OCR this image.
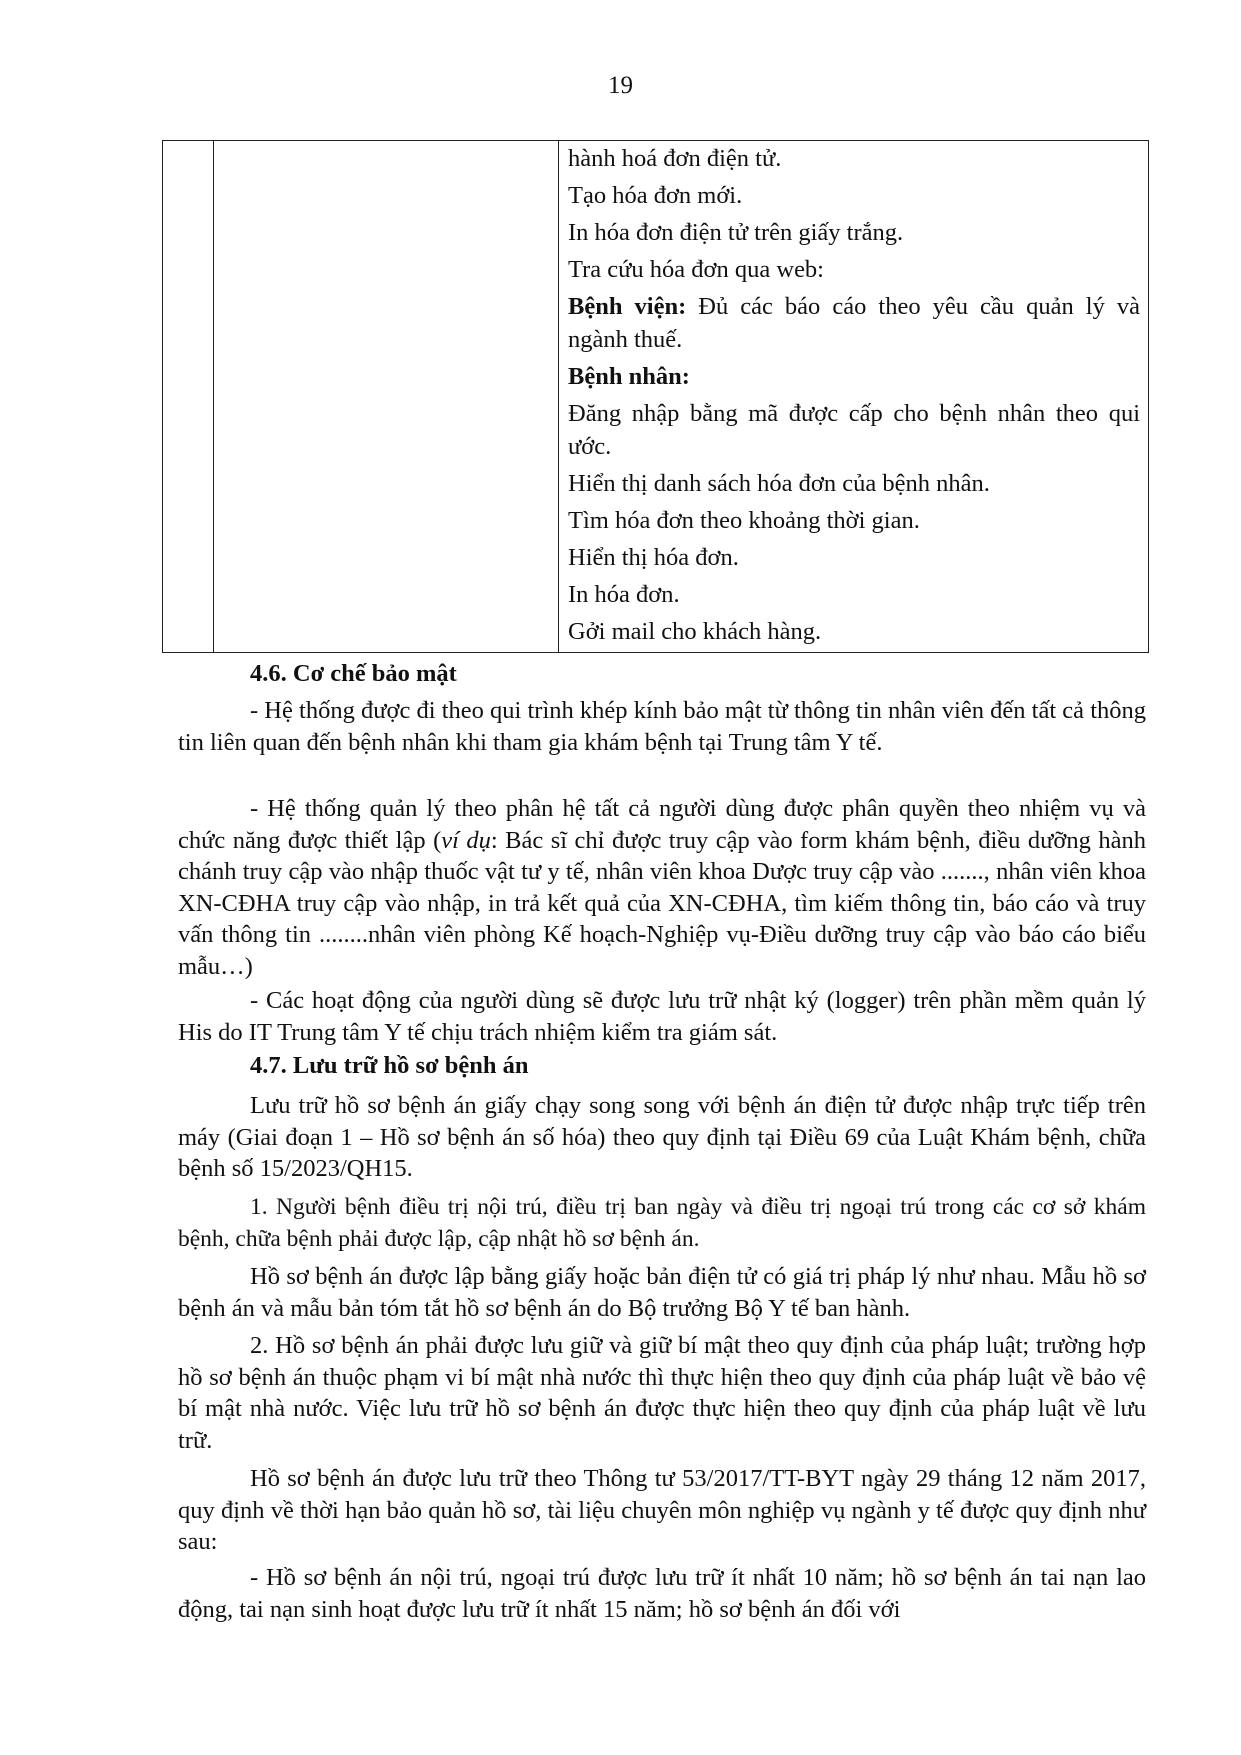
19

hành hoá đơn điện tử.

Tạo hóa đơn mới.

In hóa đơn điện tử trên giấy trắng.

Tra cứu hóa đơn qua web:

Bệnh viện: Đủ các báo cáo theo yêu cầu quản lý và ngành thuế.

Bệnh nhân:

Đăng nhập bằng mã được cấp cho bệnh nhân theo qui ước.

Hiển thị danh sách hóa đơn của bệnh nhân.

Tìm hóa đơn theo khoảng thời gian.

Hiển thị hóa đơn.

In hóa đơn.

Gởi mail cho khách hàng.

4.6. Cơ chế bảo mật

- Hệ thống được đi theo qui trình khép kính bảo mật từ thông tin nhân viên đến tất cả thông tin liên quan đến bệnh nhân khi tham gia khám bệnh tại Trung tâm Y tế.

- Hệ thống quản lý theo phân hệ tất cả người dùng được phân quyền theo nhiệm vụ và chức năng được thiết lập (ví dụ: Bác sĩ chỉ được truy cập vào form khám bệnh, điều dưỡng hành chánh truy cập vào nhập thuốc vật tư y tế, nhân viên khoa Dược truy cập vào ......., nhân viên khoa XN-CĐHA truy cập vào nhập, in trả kết quả của XN-CĐHA, tìm kiếm thông tin, báo cáo và truy vấn thông tin ........nhân viên phòng Kế hoạch-Nghiệp vụ-Điều dưỡng truy cập vào báo cáo biểu mẫu…)

- Các hoạt động của người dùng sẽ được lưu trữ nhật ký (logger) trên phần mềm quản lý His do IT Trung tâm Y tế chịu trách nhiệm kiểm tra giám sát.

4.7. Lưu trữ hồ sơ bệnh án

Lưu trữ hồ sơ bệnh án giấy chạy song song với bệnh án điện tử được nhập trực tiếp trên máy (Giai đoạn 1 – Hồ sơ bệnh án số hóa) theo quy định tại Điều 69 của Luật Khám bệnh, chữa bệnh số 15/2023/QH15.

1. Người bệnh điều trị nội trú, điều trị ban ngày và điều trị ngoại trú trong các cơ sở khám bệnh, chữa bệnh phải được lập, cập nhật hồ sơ bệnh án.

Hồ sơ bệnh án được lập bằng giấy hoặc bản điện tử có giá trị pháp lý như nhau. Mẫu hồ sơ bệnh án và mẫu bản tóm tắt hồ sơ bệnh án do Bộ trưởng Bộ Y tế ban hành.

2. Hồ sơ bệnh án phải được lưu giữ và giữ bí mật theo quy định của pháp luật; trường hợp hồ sơ bệnh án thuộc phạm vi bí mật nhà nước thì thực hiện theo quy định của pháp luật về bảo vệ bí mật nhà nước. Việc lưu trữ hồ sơ bệnh án được thực hiện theo quy định của pháp luật về lưu trữ.

Hồ sơ bệnh án được lưu trữ theo Thông tư 53/2017/TT-BYT ngày 29 tháng 12 năm 2017, quy định về thời hạn bảo quản hồ sơ, tài liệu chuyên môn nghiệp vụ ngành y tế được quy định như sau:

- Hồ sơ bệnh án nội trú, ngoại trú được lưu trữ ít nhất 10 năm; hồ sơ bệnh án tai nạn lao động, tai nạn sinh hoạt được lưu trữ ít nhất 15 năm; hồ sơ bệnh án đối với
